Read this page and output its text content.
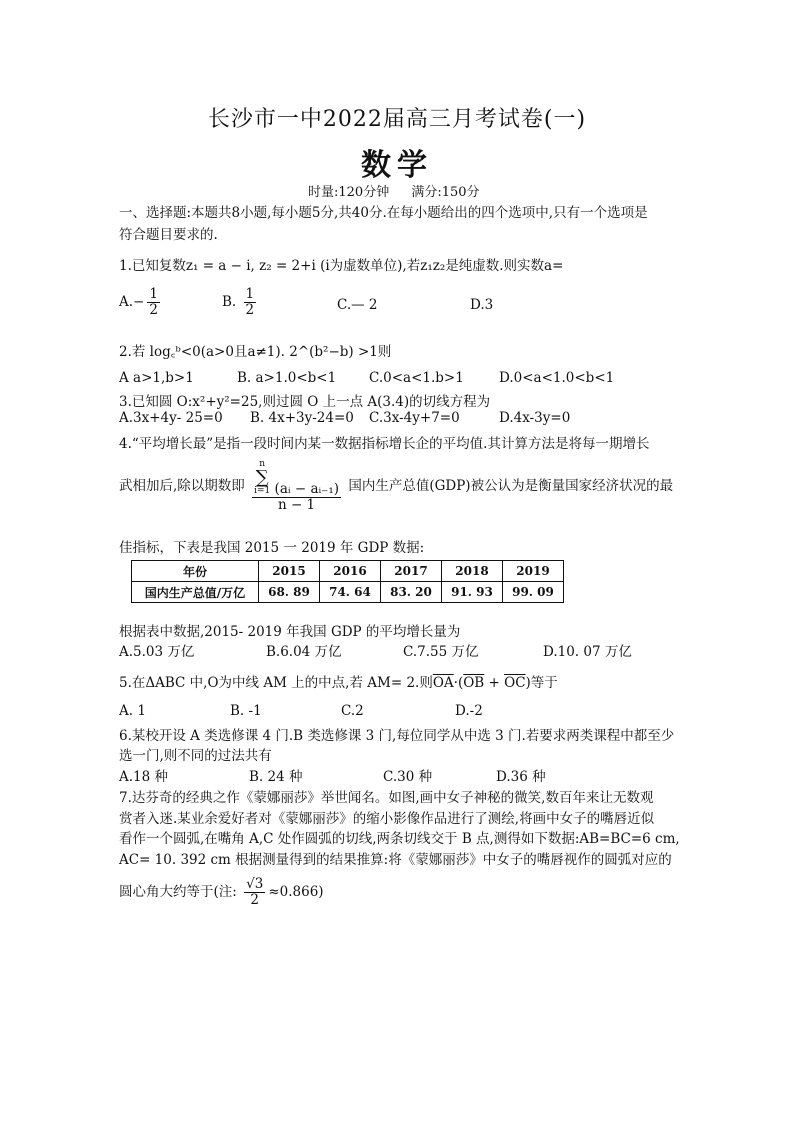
长沙市一中2022届高三月考试卷(一)
数学
时量:120分钟 满分:150分
一、选择题:本题共8小题,每小题5分,共40分.在每小题给出的四个选项中,只有一个选项是
符合题目要求的.
1.已知复数z₁ = a − i, z₂ = 2+i (i为虚数单位),若z₁z₂是纯虚数.则实数a=
$A.- \frac{1}{2}$	B. $\frac{1}{2}$	C.— 2	D.3
2.若 log꜀ᵇ<0(a>0且a≠1). 2^(b²−b) >1则
A a>1,b>1	B. a>1.0<b<1 C.0<a<1.b>1	D.0<a<1.0<b<1
3.已知圆 O:x²+y²=25,则过圆 O 上一点 A(3.4)的切线方程为
A.3x+4y- 25=0 B. 4x+3y-24=0 C.3x-4y+7=0	D.4x-3y=0
4.“平均增长最”是指一段时间内某一数据指标增长企的平均值.其计算方法是将每一期增长
武相加后,除以期数即 n
∑
i=1 (aᵢ − aᵢ₋₁)
n − 1 国内生产总值(GDP)被公认为是衡量国家经济状况的最
佳指标，下表是我国 2015 一 2019 年 GDP 数据:
年份	2015	2016	2017	2018	2019
国内生产总值/万亿	68. 89	74. 64	83. 20	91. 93	99. 09
根据表中数据,2015- 2019 年我国 GDP 的平均增长量为
A.5.03 万亿	B.6.04 万亿	C.7.55 万亿	D.10. 07 万亿
5.在ΔABC 中,O为中线 AM 上的中点,若 AM= 2.则$\overline{OA}\cdot(\overline{OB} + \overline{OC})$等于
A. 1	B. -1	C.2	D.-2
6.某校开设 A 类选修课 4 门.B 类选修课 3 门,每位同学从中选 3 门.若要求两类课程中都至少
选一门,则不同的过法共有
A.18 种	B. 24 种	C.30 种	D.36 种
7.达芬奇的经典之作《蒙娜丽莎》举世闻名。如图,画中女子神秘的微笑,数百年来让无数观
赏者入迷.某业余爱好者对《蒙娜丽莎》的缩小影像作品进行了测绘,将画中女子的嘴唇近似
看作一个圆弧,在嘴角 A,C 处作圆弧的切线,两条切线交于 B 点,测得如下数据:AB=BC=6 cm,
AC= 10. 392 cm 根据测量得到的结果推算:将《蒙娜丽莎》中女子的嘴唇视作的圆弧对应的
圆心角大约等于(注: $\frac{√3}{2} \approx 0.866$)
